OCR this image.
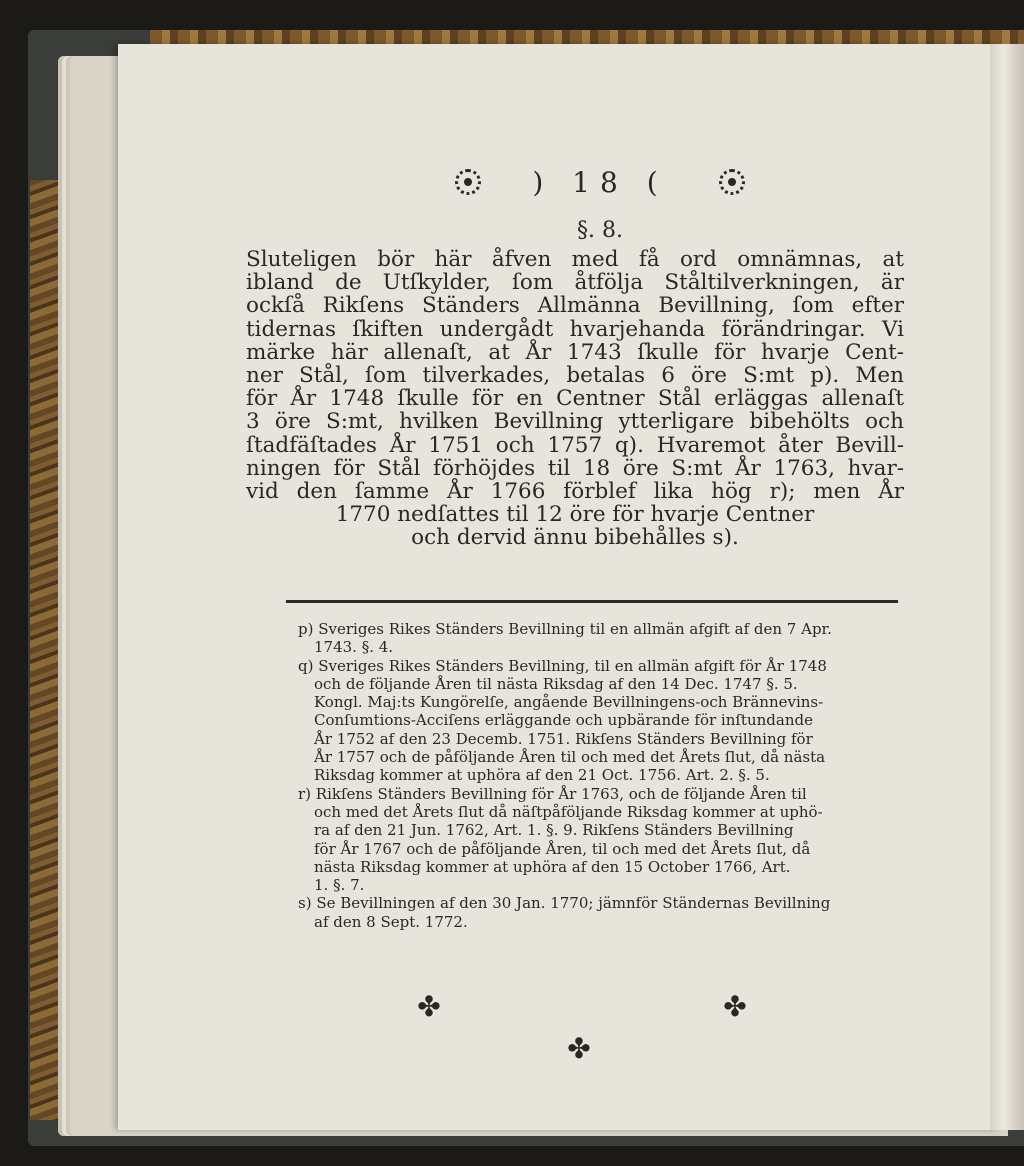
) 18 (
§. 8.
Sluteligen bör här åfven med få ord omnämnas, at
ibland de Utſkylder, ſom åtfölja Ståltilverkningen, är
ockſå Rikſens Ständers Allmänna Bevillning, ſom efter
tidernas ſkiften undergådt hvarjehanda förändringar. Vi
märke här allenaſt, at År 1743 ſkulle för hvarje Cent-
ner Stål, ſom tilverkades, betalas 6 öre S:mt p). Men
för År 1748 ſkulle för en Centner Stål erläggas allenaſt
3 öre S:mt, hvilken Bevillning ytterligare bibehölts och
ſtadfäſtades År 1751 och 1757 q). Hvaremot åter Bevill-
ningen för Stål förhöjdes til 18 öre S:mt År 1763, hvar-
vid den ſamme År 1766 förblef lika hög r); men År
1770 nedſattes til 12 öre för hvarje Centner
och dervid ännu bibehålles s).

p) Sveriges Rikes Ständers Bevillning til en allmän afgift af den 7 Apr.
1743. §. 4.

q) Sveriges Rikes Ständers Bevillning, til en allmän afgift för År 1748
och de följande Åren til nästa Riksdag af den 14 Dec. 1747 §. 5.
Kongl. Maj:ts Kungörelſe, angående Bevillningens-och Brännevins-
Conſumtions-Acciſens erläggande och upbärande för inſtundande
År 1752 af den 23 Decemb. 1751. Rikſens Ständers Bevillning för
År 1757 och de påföljande Åren til och med det Årets ſlut, då nästa
Riksdag kommer at uphöra af den 21 Oct. 1756. Art. 2. §. 5.

r) Rikſens Ständers Bevillning för År 1763, och de följande Åren til
och med det Årets ſlut då näſtpåföljande Riksdag kommer at uphö-
ra af den 21 Jun. 1762, Art. 1. §. 9. Rikſens Ständers Bevillning
för År 1767 och de påföljande Åren, til och med det Årets ſlut, då
nästa Riksdag kommer at uphöra af den 15 October 1766, Art.
1. §. 7.

s) Se Bevillningen af den 30 Jan. 1770; jämnför Ständernas Bevillning
af den 8 Sept. 1772.

✤	✤
✤
